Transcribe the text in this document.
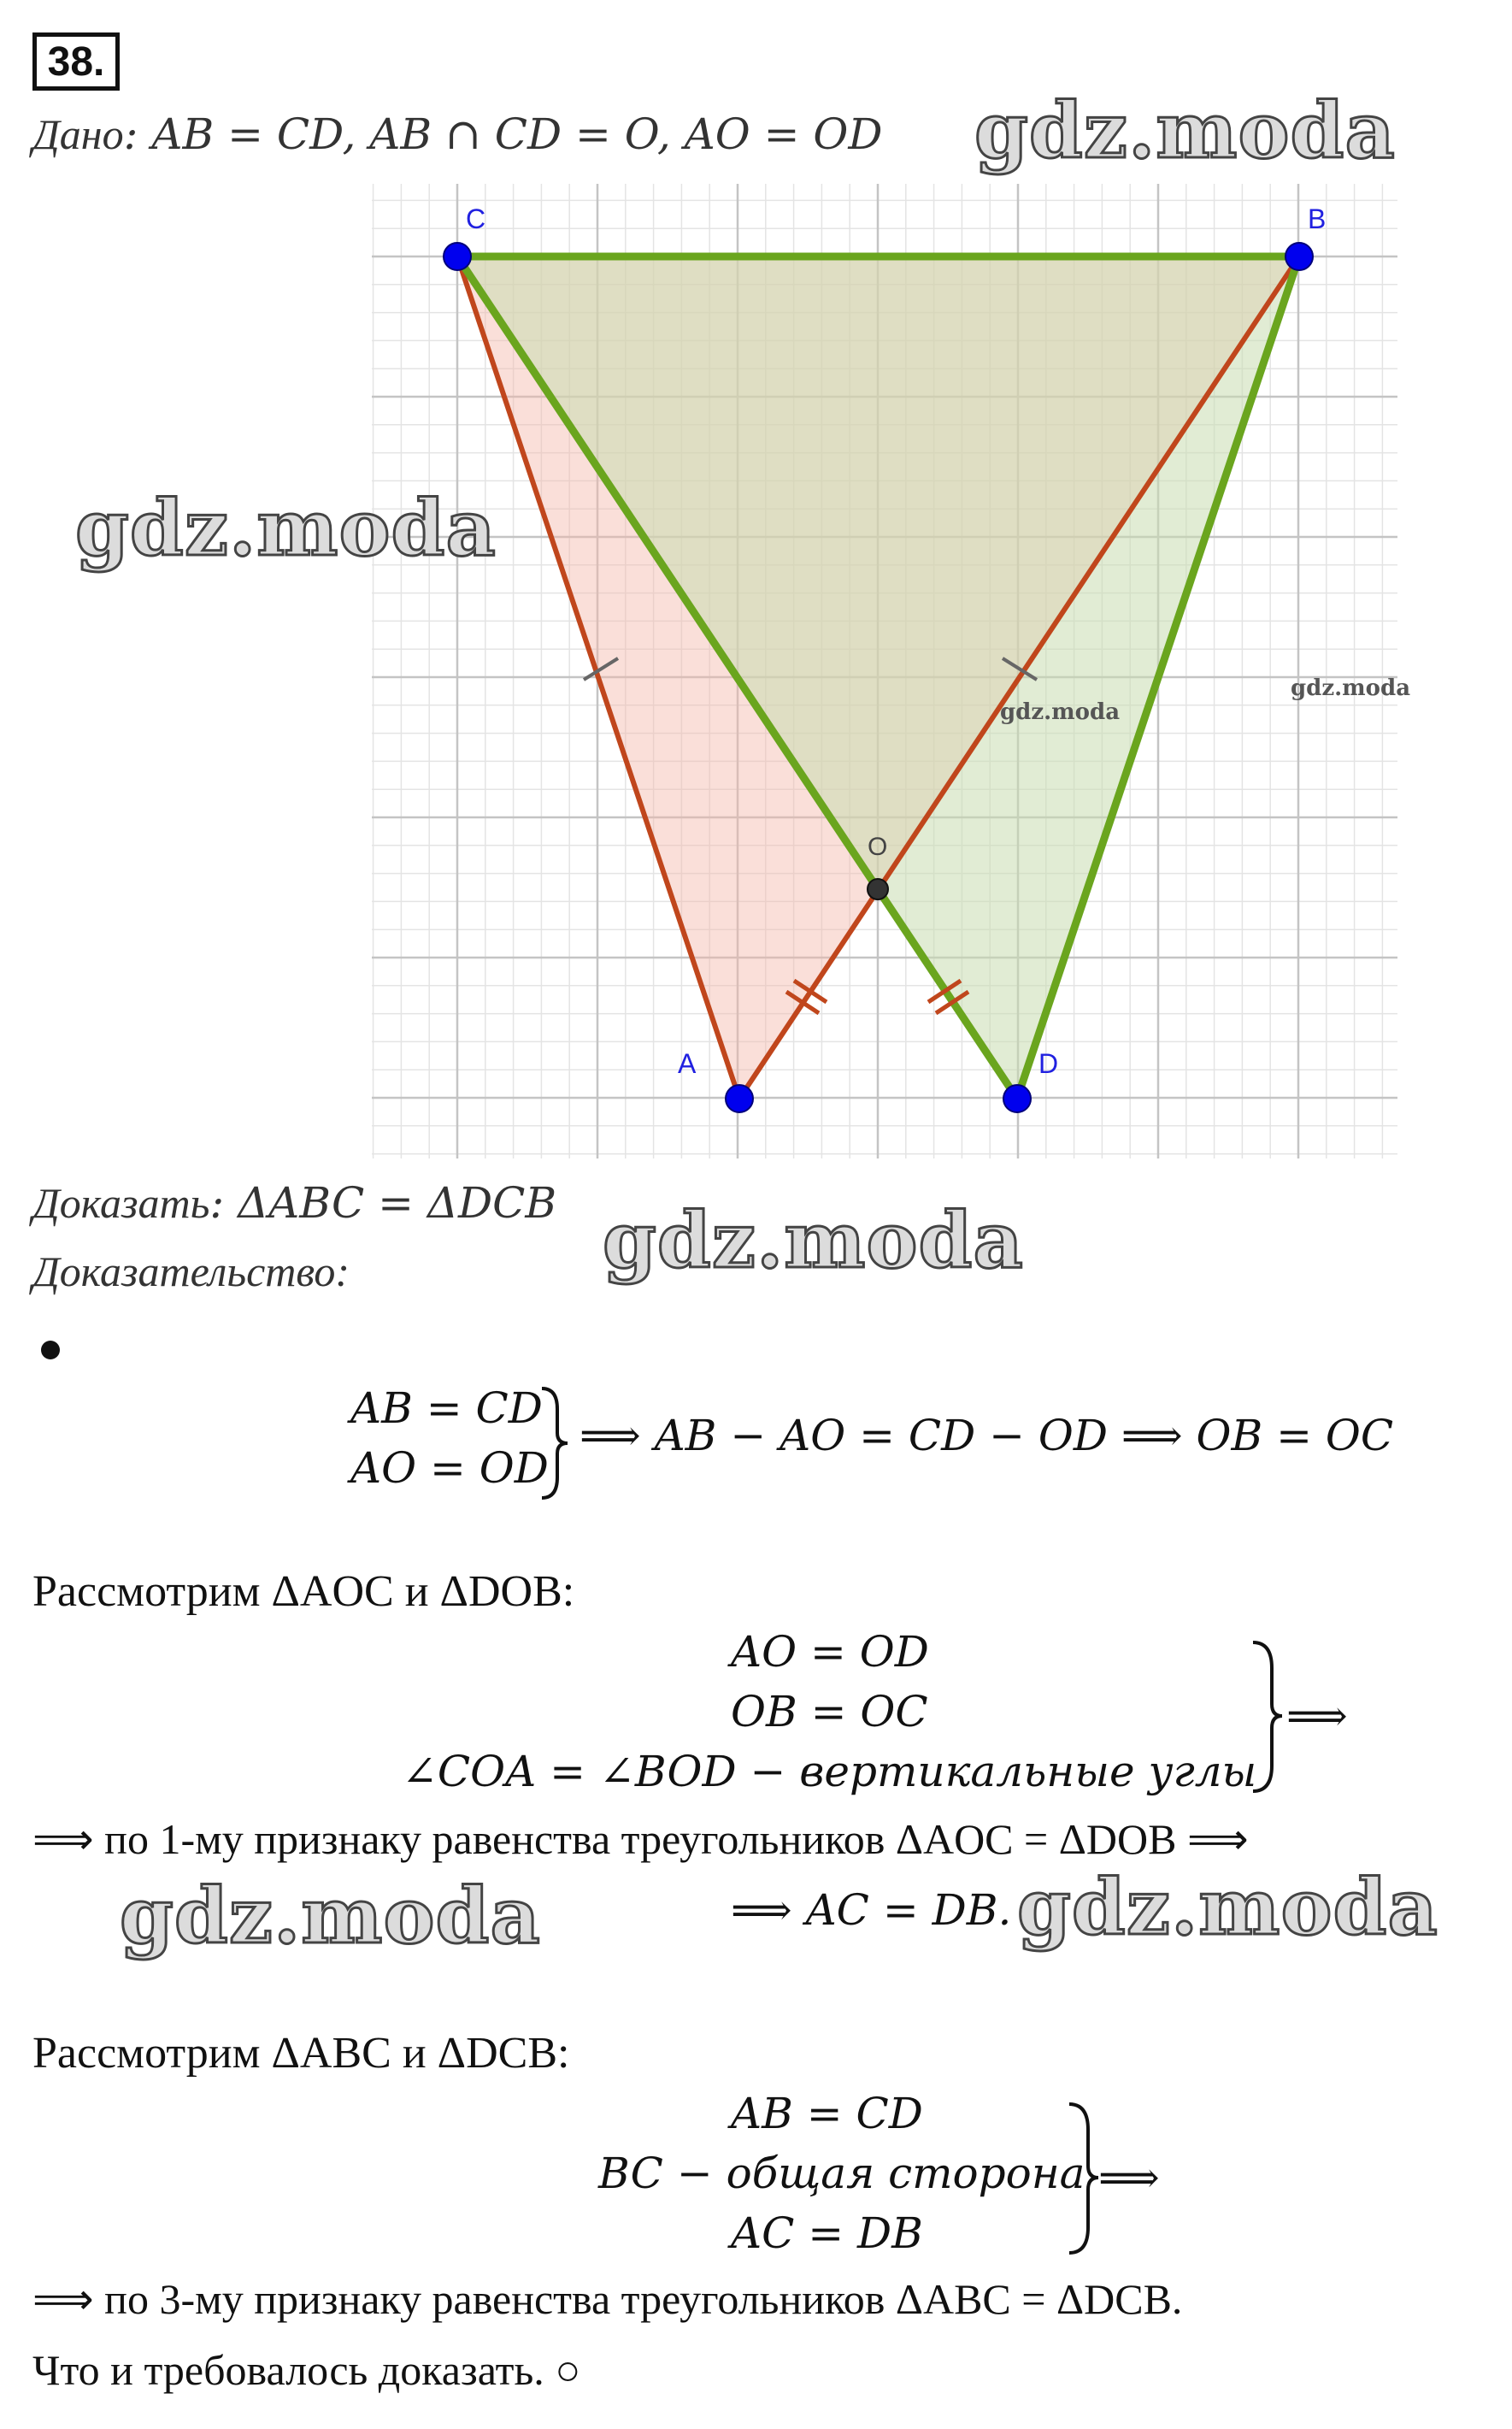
38.
Дано: AB = CD, AB ∩ CD = O, AO = OD
C	B
A	D
O
Доказать: ΔABC = ΔDCB
Доказательство:
AB = CD
AO = OD
⟹ AB − AO = CD − OD ⟹ OB = OC
Рассмотрим ΔAOC и ΔDOB:
AO = OD
OB = OC
∠COA = ∠BOD − вертикальные углы
⟹
⟹ по 1-му признаку равенства треугольников ΔAOC = ΔDOB ⟹
⟹ AC = DB.
Рассмотрим ΔABC и ΔDCB:
AB = CD
BC − общая сторона
AC = DB
⟹
⟹ по 3-му признаку равенства треугольников ΔABC = ΔDCB.
Что и требовалось доказать. ○
gdz.moda
gdz.moda
gdz.moda
gdz.moda
gdz.moda
gdz.moda	gdz.moda
